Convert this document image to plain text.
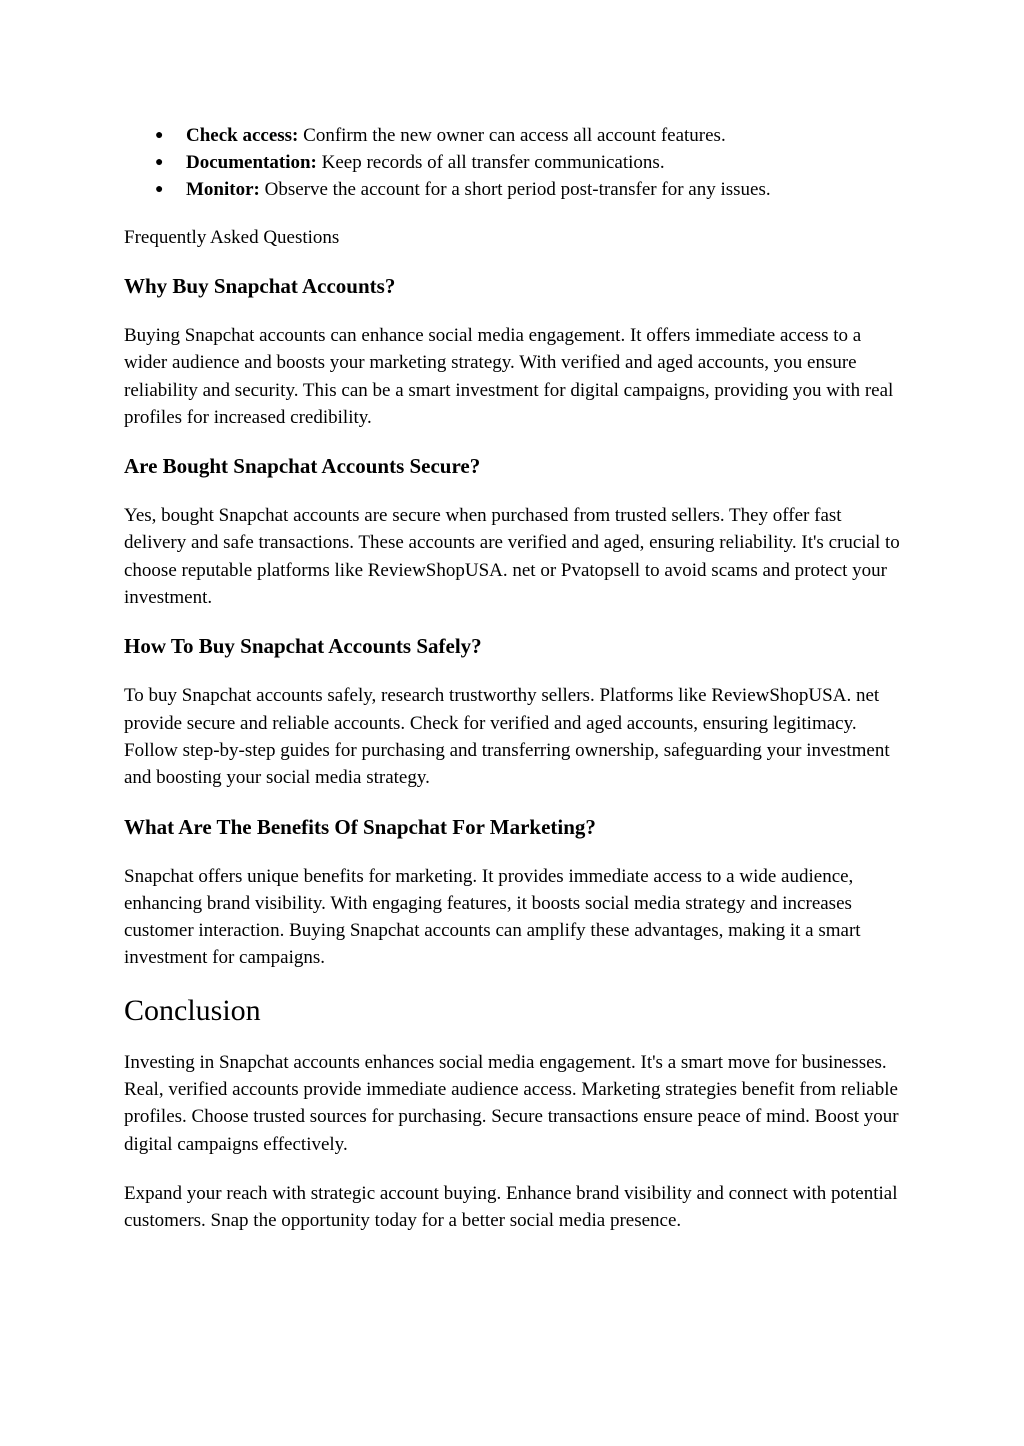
● Check access: Confirm the new owner can access all account features.
● Documentation: Keep records of all transfer communications.
● Monitor: Observe the account for a short period post-transfer for any issues.
Frequently Asked Questions
Why Buy Snapchat Accounts?

Buying Snapchat accounts can enhance social media engagement. It offers immediate access to a wider audience and boosts your marketing strategy. With verified and aged accounts, you ensure reliability and security. This can be a smart investment for digital campaigns, providing you with real profiles for increased credibility.

Are Bought Snapchat Accounts Secure?

Yes, bought Snapchat accounts are secure when purchased from trusted sellers. They offer fast delivery and safe transactions. These accounts are verified and aged, ensuring reliability. It's crucial to choose reputable platforms like ReviewShopUSA. net or Pvatopsell to avoid scams and protect your investment.

How To Buy Snapchat Accounts Safely?

To buy Snapchat accounts safely, research trustworthy sellers. Platforms like ReviewShopUSA. net provide secure and reliable accounts. Check for verified and aged accounts, ensuring legitimacy. Follow step-by-step guides for purchasing and transferring ownership, safeguarding your investment and boosting your social media strategy.

What Are The Benefits Of Snapchat For Marketing?

Snapchat offers unique benefits for marketing. It provides immediate access to a wide audience, enhancing brand visibility. With engaging features, it boosts social media strategy and increases customer interaction. Buying Snapchat accounts can amplify these advantages, making it a smart investment for campaigns.

Conclusion

Investing in Snapchat accounts enhances social media engagement. It's a smart move for businesses. Real, verified accounts provide immediate audience access. Marketing strategies benefit from reliable profiles. Choose trusted sources for purchasing. Secure transactions ensure peace of mind. Boost your digital campaigns effectively.

Expand your reach with strategic account buying. Enhance brand visibility and connect with potential customers. Snap the opportunity today for a better social media presence.
